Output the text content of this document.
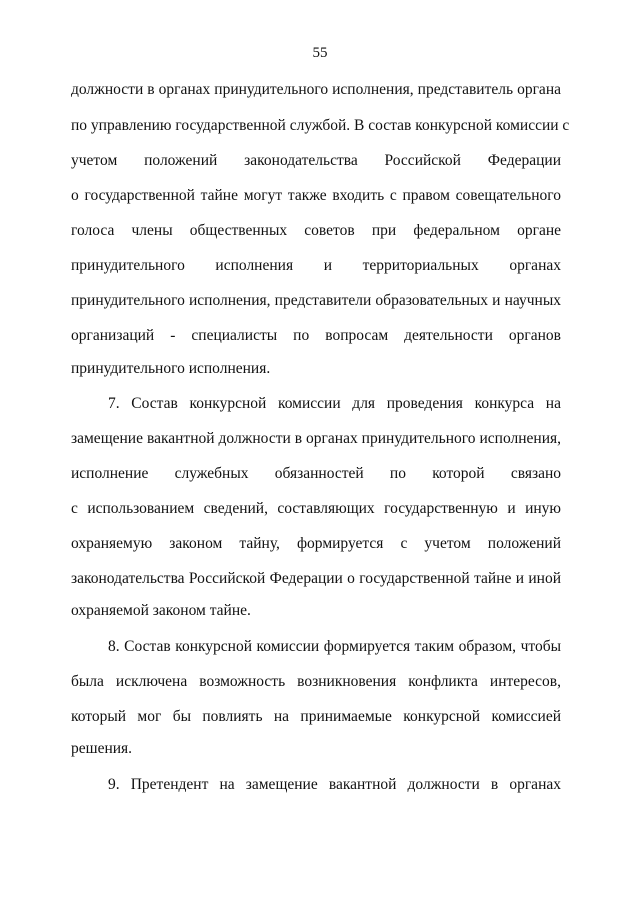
55
должности в органах принудительного исполнения, представитель органа
по управлению государственной службой. В состав конкурсной комиссии с
учетом положений законодательства Российской Федерации
о государственной тайне могут также входить с правом совещательного
голоса члены общественных советов при федеральном органе
принудительного исполнения и территориальных органах
принудительного исполнения, представители образовательных и научных
организаций - специалисты по вопросам деятельности органов
принудительного исполнения.
7. Состав конкурсной комиссии для проведения конкурса на
замещение вакантной должности в органах принудительного исполнения,
исполнение служебных обязанностей по которой связано
с использованием сведений, составляющих государственную и иную
охраняемую законом тайну, формируется с учетом положений
законодательства Российской Федерации о государственной тайне и иной
охраняемой законом тайне.
8. Состав конкурсной комиссии формируется таким образом, чтобы
была исключена возможность возникновения конфликта интересов,
который мог бы повлиять на принимаемые конкурсной комиссией
решения.
9. Претендент на замещение вакантной должности в органах
